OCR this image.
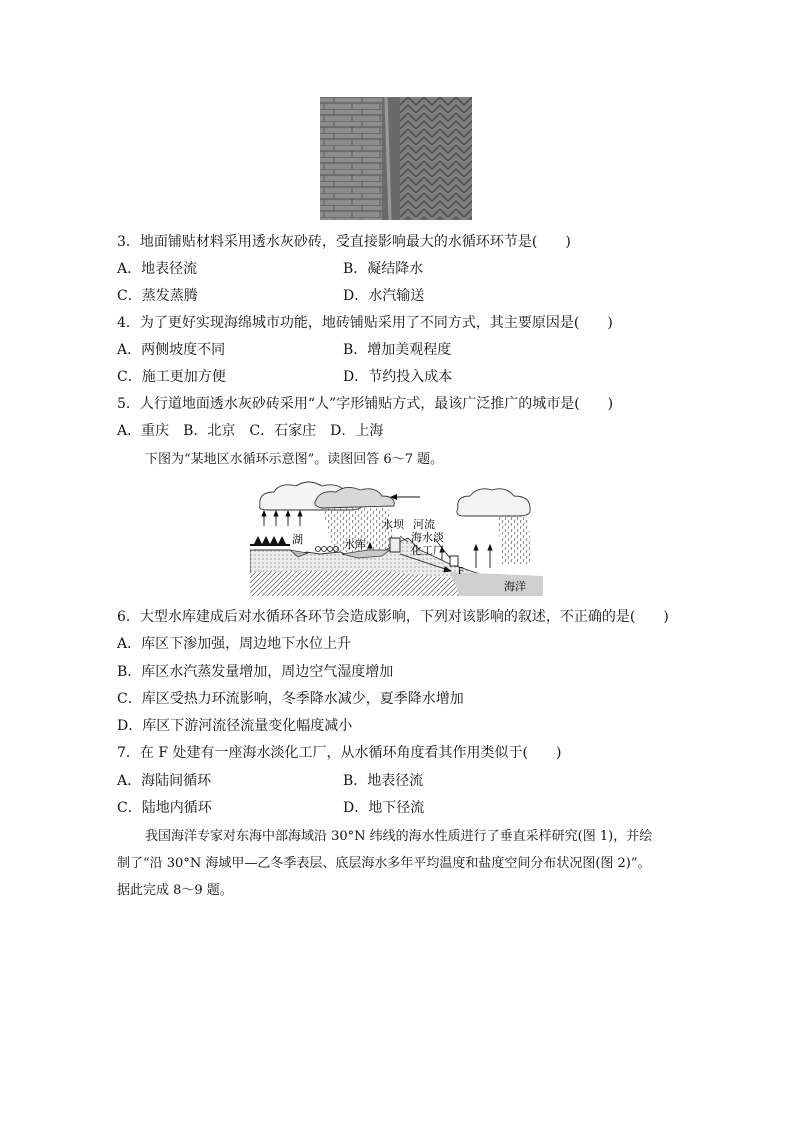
3．地面铺贴材料采用透水灰砂砖，受直接影响最大的水循环环节是(　　)
A．地表径流	B．凝结降水
C．蒸发蒸腾	D．水汽输送
4．为了更好实现海绵城市功能，地砖铺贴采用了不同方式，其主要原因是(　　)
A．两侧坡度不同	B．增加美观程度
C．施工更加方便	D．节约投入成本
5．人行道地面透水灰砂砖采用“人”字形铺贴方式，最该广泛推广的城市是(　　)
A．重庆　B．北京　C．石家庄　D．上海
下图为“某地区水循环示意图”。读图回答 6～7 题。
湖	水库
水坝 河流
海水淡
化工厂
F
海洋
6．大型水库建成后对水循环各环节会造成影响，下列对该影响的叙述，不正确的是(　　)
A．库区下渗加强，周边地下水位上升
B．库区水汽蒸发量增加，周边空气湿度增加
C．库区受热力环流影响，冬季降水减少，夏季降水增加
D．库区下游河流径流量变化幅度减小
7．在 F 处建有一座海水淡化工厂，从水循环角度看其作用类似于(　　)
A．海陆间循环	B．地表径流
C．陆地内循环	D．地下径流
我国海洋专家对东海中部海域沿 30°N 纬线的海水性质进行了垂直采样研究(图 1)，并绘
制了“沿 30°N 海域甲—乙冬季表层、底层海水多年平均温度和盐度空间分布状况图(图 2)”。
据此完成 8～9 题。
